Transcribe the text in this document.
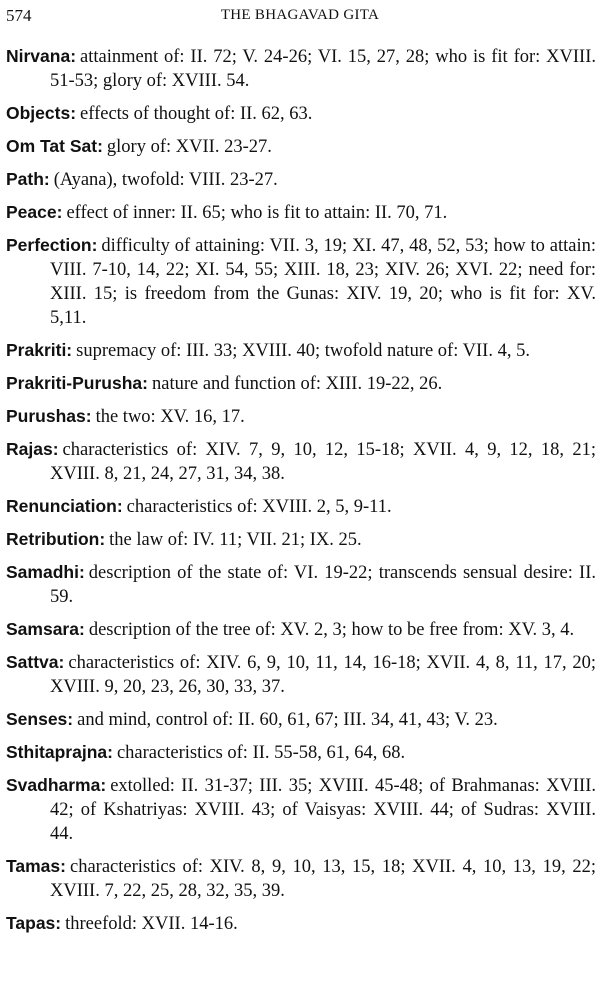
574	THE BHAGAVAD GITA

Nirvana: attainment of: II. 72; V. 24-26; VI. 15, 27, 28; who is fit for: XVIII. 51-53; glory of: XVIII. 54.

Objects: effects of thought of: II. 62, 63.

Om Tat Sat: glory of: XVII. 23-27.

Path: (Ayana), twofold: VIII. 23-27.

Peace: effect of inner: II. 65; who is fit to attain: II. 70, 71.

Perfection: difficulty of attaining: VII. 3, 19; XI. 47, 48, 52, 53; how to attain: VIII. 7-10, 14, 22; XI. 54, 55; XIII. 18, 23; XIV. 26; XVI. 22; need for: XIII. 15; is freedom from the Gunas: XIV. 19, 20; who is fit for: XV. 5,11.

Prakriti: supremacy of: III. 33; XVIII. 40; twofold nature of: VII. 4, 5.

Prakriti-Purusha: nature and function of: XIII. 19-22, 26.

Purushas: the two: XV. 16, 17.

Rajas: characteristics of: XIV. 7, 9, 10, 12, 15-18; XVII. 4, 9, 12, 18, 21; XVIII. 8, 21, 24, 27, 31, 34, 38.

Renunciation: characteristics of: XVIII. 2, 5, 9-11.

Retribution: the law of: IV. 11; VII. 21; IX. 25.

Samadhi: description of the state of: VI. 19-22; transcends sensual desire: II. 59.

Samsara: description of the tree of: XV. 2, 3; how to be free from: XV. 3, 4.

Sattva: characteristics of: XIV. 6, 9, 10, 11, 14, 16-18; XVII. 4, 8, 11, 17, 20; XVIII. 9, 20, 23, 26, 30, 33, 37.

Senses: and mind, control of: II. 60, 61, 67; III. 34, 41, 43; V. 23.

Sthitaprajna: characteristics of: II. 55-58, 61, 64, 68.

Svadharma: extolled: II. 31-37; III. 35; XVIII. 45-48; of Brahmanas: XVIII. 42; of Kshatriyas: XVIII. 43; of Vaisyas: XVIII. 44; of Sudras: XVIII. 44.

Tamas: characteristics of: XIV. 8, 9, 10, 13, 15, 18; XVII. 4, 10, 13, 19, 22; XVIII. 7, 22, 25, 28, 32, 35, 39.

Tapas: threefold: XVII. 14-16.
